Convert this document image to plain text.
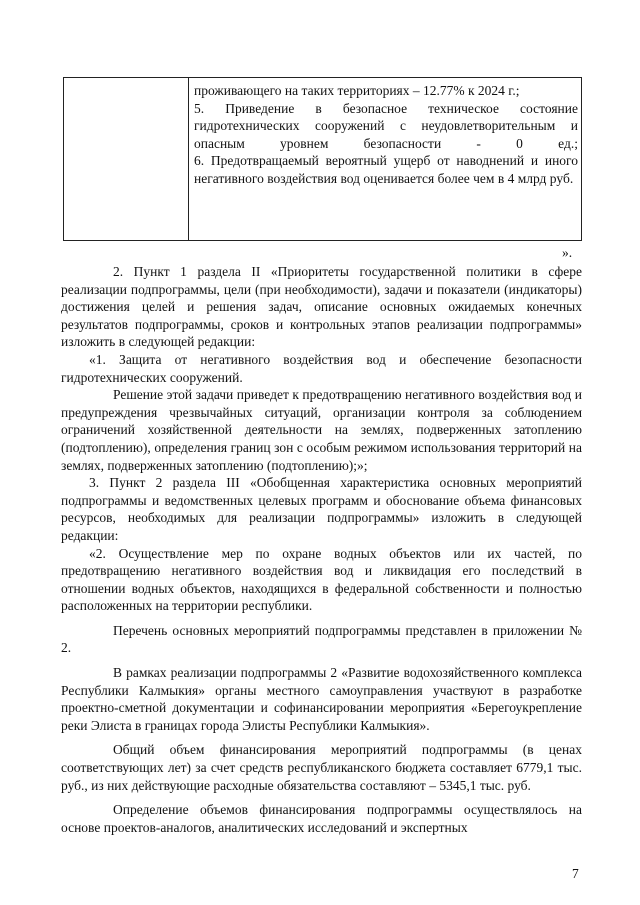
проживающего на таких территориях – 12.77% к 2024 г.;

5. Приведение в безопасное техническое состояние гидротехнических сооружений с неудовлетворительным и опасным уровнем безопасности - 0 ед.;

6. Предотвращаемый вероятный ущерб от наводнений и иного негативного воздействия вод оценивается более чем в 4 млрд руб.

».

2. Пункт 1 раздела II «Приоритеты государственной политики в сфере реализации подпрограммы, цели (при необходимости), задачи и показатели (индикаторы) достижения целей и решения задач, описание основных ожидаемых конечных результатов подпрограммы, сроков и контрольных этапов реализации подпрограммы» изложить в следующей редакции:

«1. Защита от негативного воздействия вод и обеспечение безопасности гидротехнических сооружений.

Решение этой задачи приведет к предотвращению негативного воздействия вод и предупреждения чрезвычайных ситуаций, организации контроля за соблюдением ограничений хозяйственной деятельности на землях, подверженных затоплению (подтоплению), определения границ зон с особым режимом использования территорий на землях, подверженных затоплению (подтоплению);»;

3. Пункт 2 раздела III «Обобщенная характеристика основных мероприятий подпрограммы и ведомственных целевых программ и обоснование объема финансовых ресурсов, необходимых для реализации подпрограммы» изложить в следующей редакции:

«2. Осуществление мер по охране водных объектов или их частей, по предотвращению негативного воздействия вод и ликвидация его последствий в отношении водных объектов, находящихся в федеральной собственности и полностью расположенных на территории республики.

Перечень основных мероприятий подпрограммы представлен в приложении № 2.

В рамках реализации подпрограммы 2 «Развитие водохозяйственного комплекса Республики Калмыкия» органы местного самоуправления участвуют в разработке проектно-сметной документации и софинансировании мероприятия «Берегоукрепление реки Элиста в границах города Элисты Республики Калмыкия».

Общий объем финансирования мероприятий подпрограммы (в ценах соответствующих лет) за счет средств республиканского бюджета составляет 6779,1 тыс. руб., из них действующие расходные обязательства составляют – 5345,1 тыс. руб.

Определение объемов финансирования подпрограммы осуществлялось на основе проектов-аналогов, аналитических исследований и экспертных

7
